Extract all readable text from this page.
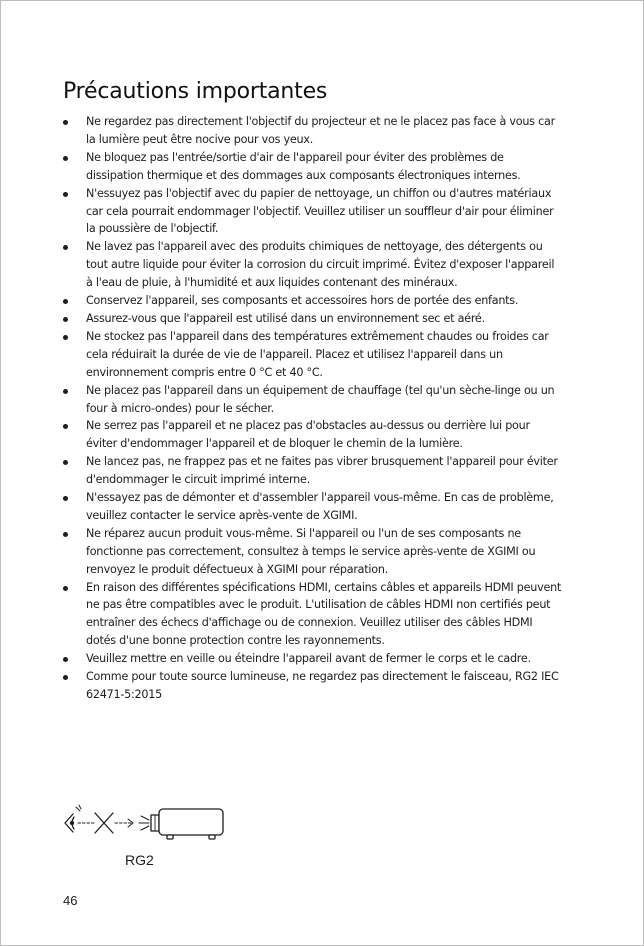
Précautions importantes
Ne regardez pas directement l'objectif du projecteur et ne le placez pas face à vous car la lumière peut être nocive pour vos yeux.
Ne bloquez pas l'entrée/sortie d'air de l'appareil pour éviter des problèmes de dissipation thermique et des dommages aux composants électroniques internes.
N'essuyez pas l'objectif avec du papier de nettoyage, un chiffon ou d'autres matériaux car cela pourrait endommager l'objectif. Veuillez utiliser un souffleur d'air pour éliminer la poussière de l'objectif.
Ne lavez pas l'appareil avec des produits chimiques de nettoyage, des détergents ou tout autre liquide pour éviter la corrosion du circuit imprimé. Évitez d'exposer l'appareil à l'eau de pluie, à l'humidité et aux liquides contenant des minéraux.
Conservez l'appareil, ses composants et accessoires hors de portée des enfants.
Assurez-vous que l'appareil est utilisé dans un environnement sec et aéré.
Ne stockez pas l'appareil dans des températures extrêmement chaudes ou froides car cela réduirait la durée de vie de l'appareil. Placez et utilisez l'appareil dans un environnement compris entre 0 °C et 40 °C.
Ne placez pas l'appareil dans un équipement de chauffage (tel qu'un sèche-linge ou un four à micro-ondes) pour le sécher.
Ne serrez pas l'appareil et ne placez pas d'obstacles au-dessus ou derrière lui pour éviter d'endommager l'appareil et de bloquer le chemin de la lumière.
Ne lancez pas, ne frappez pas et ne faites pas vibrer brusquement l'appareil pour éviter d'endommager le circuit imprimé interne.
N'essayez pas de démonter et d'assembler l'appareil vous-même. En cas de problème, veuillez contacter le service après-vente de XGIMI.
Ne réparez aucun produit vous-même. Si l'appareil ou l'un de ses composants ne fonctionne pas correctement, consultez à temps le service après-vente de XGIMI ou renvoyez le produit défectueux à XGIMI pour réparation.
En raison des différentes spécifications HDMI, certains câbles et appareils HDMI peuvent ne pas être compatibles avec le produit. L'utilisation de câbles HDMI non certifiés peut entraîner des échecs d'affichage ou de connexion. Veuillez utiliser des câbles HDMI dotés d'une bonne protection contre les rayonnements.
Veuillez mettre en veille ou éteindre l'appareil avant de fermer le corps et le cadre.
Comme pour toute source lumineuse, ne regardez pas directement le faisceau, RG2 IEC 62471-5:2015
RG2
46
